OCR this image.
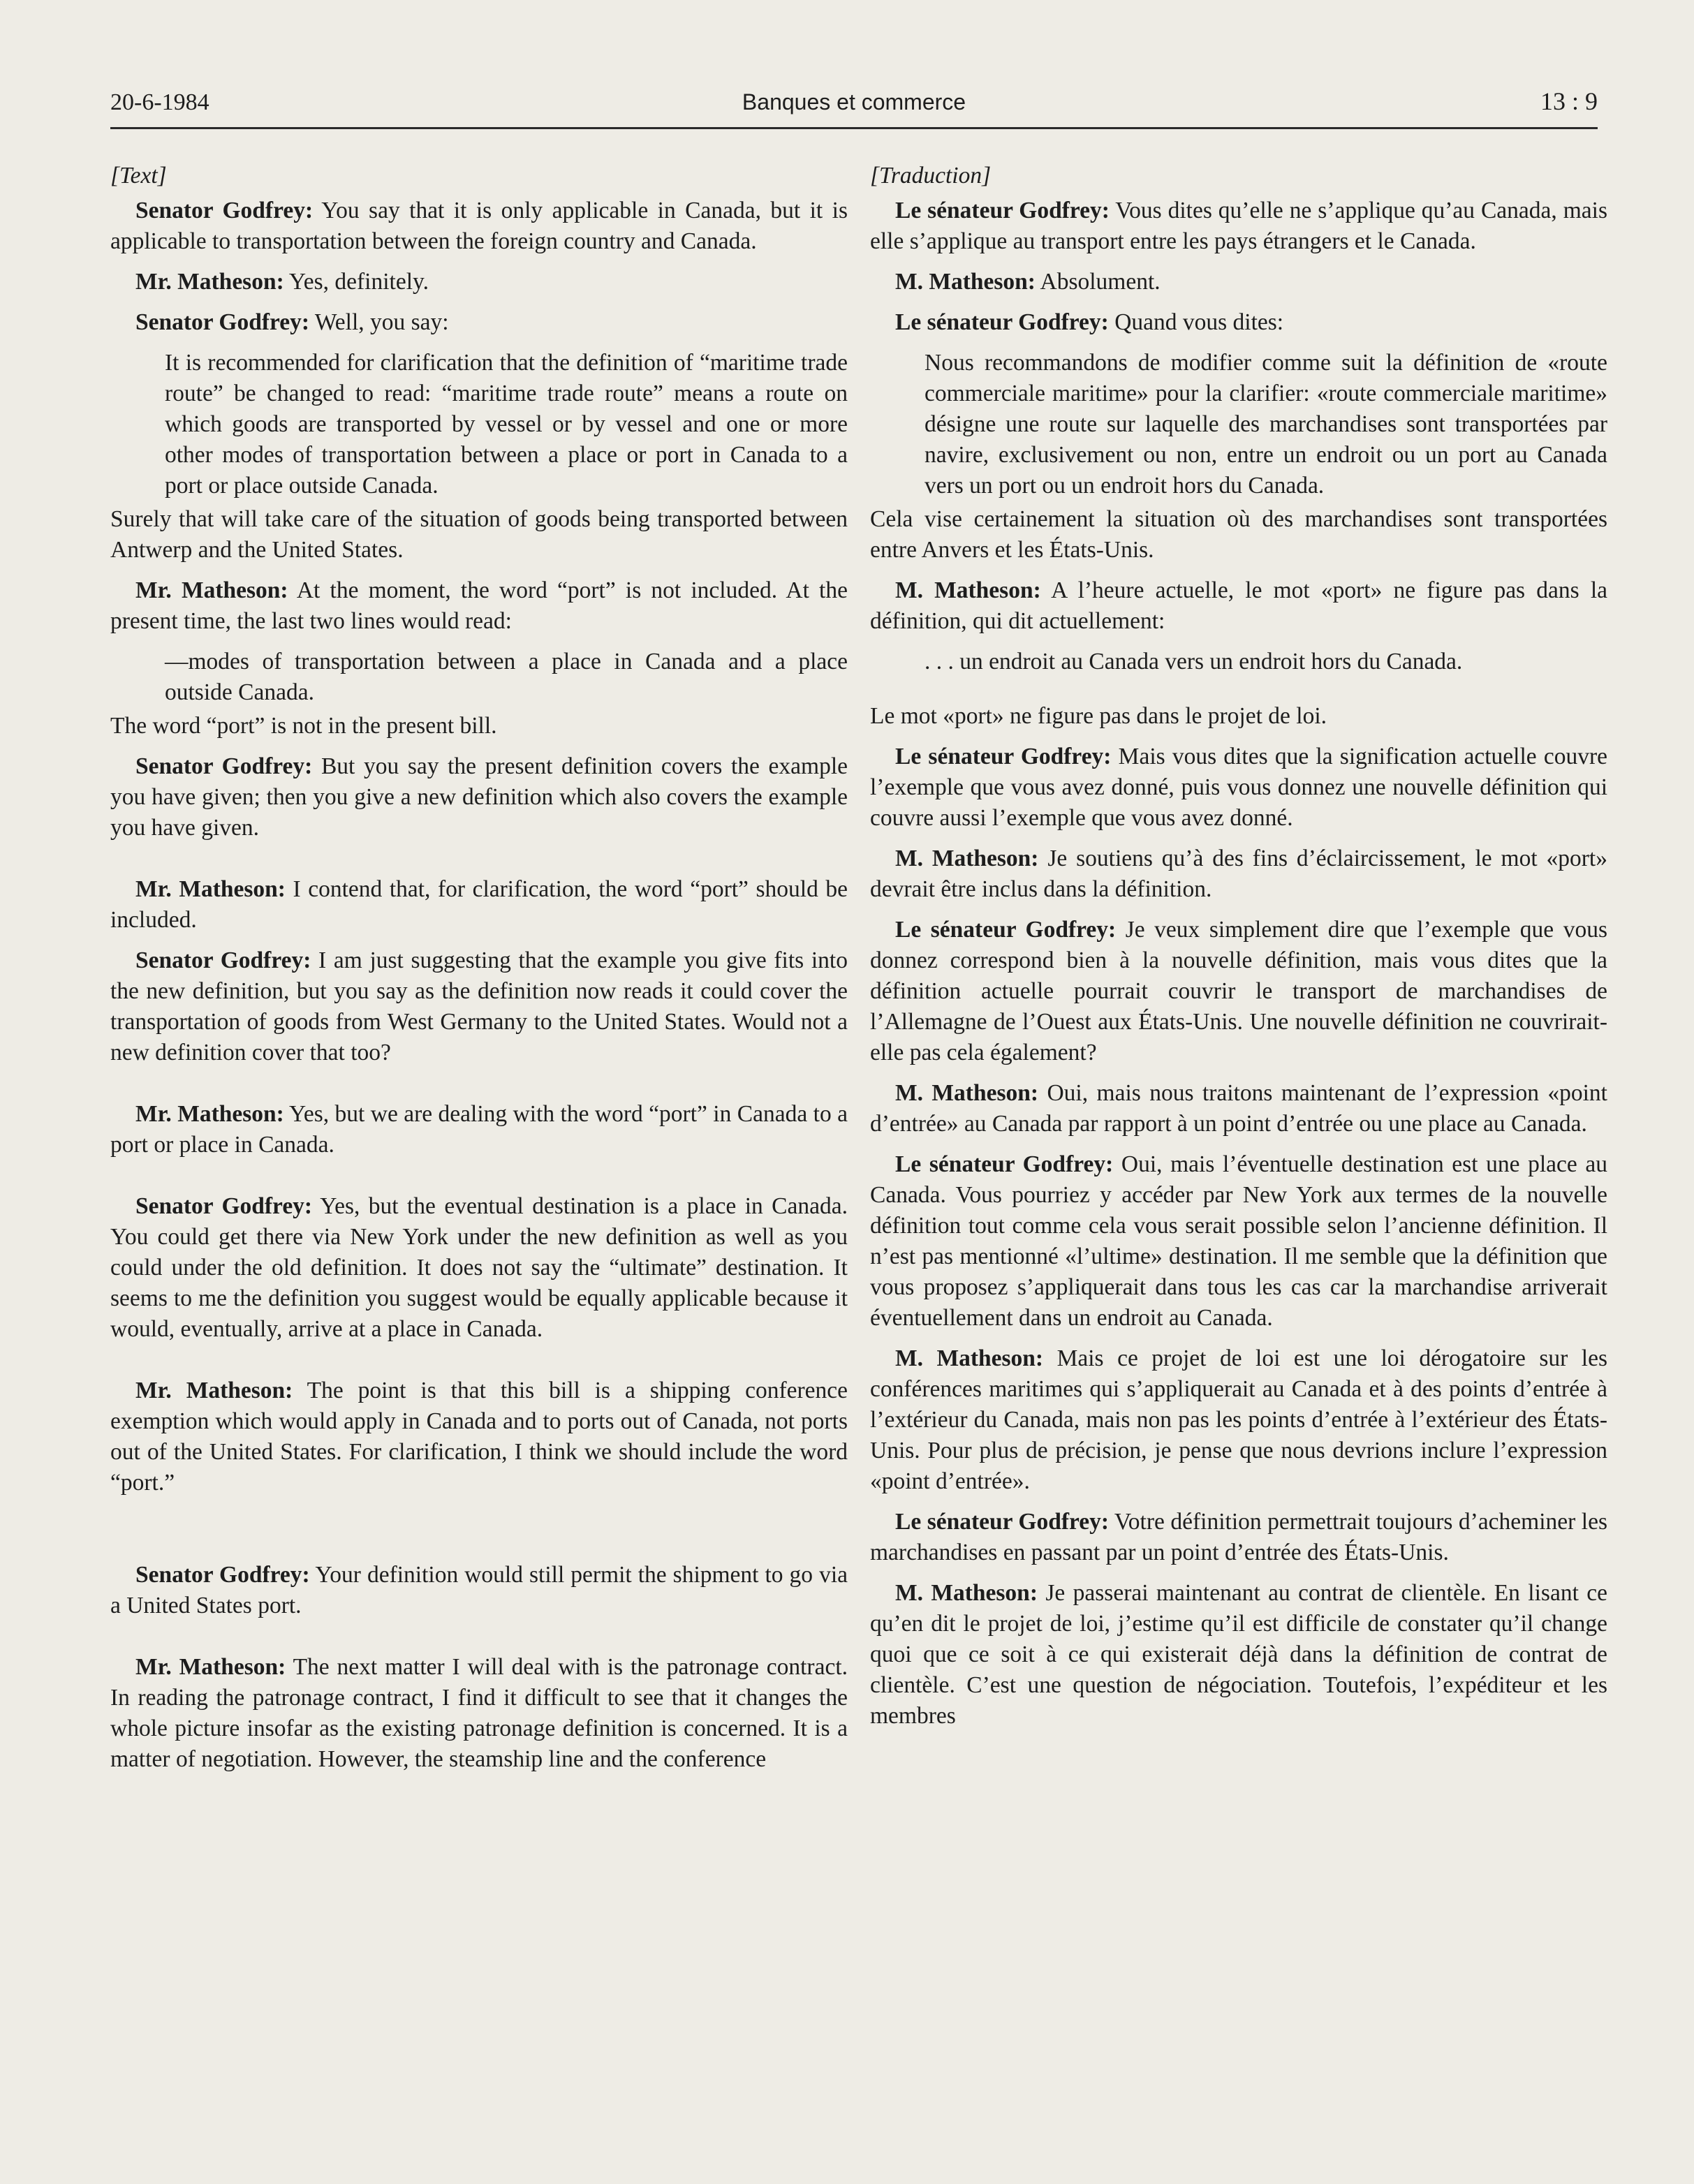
20-6-1984	Banques et commerce	13 : 9

[Text]

Senator Godfrey: You say that it is only applicable in Canada, but it is applicable to transportation between the foreign country and Canada.

Mr. Matheson: Yes, definitely.

Senator Godfrey: Well, you say:

It is recommended for clarification that the definition of “maritime trade route” be changed to read: “maritime trade route” means a route on which goods are transported by vessel or by vessel and one or more other modes of transportation between a place or port in Canada to a port or place outside Canada.

Surely that will take care of the situation of goods being transported between Antwerp and the United States.

Mr. Matheson: At the moment, the word “port” is not included. At the present time, the last two lines would read:

—modes of transportation between a place in Canada and a place outside Canada.

The word “port” is not in the present bill.

Senator Godfrey: But you say the present definition covers the example you have given; then you give a new definition which also covers the example you have given.

Mr. Matheson: I contend that, for clarification, the word “port” should be included.

Senator Godfrey: I am just suggesting that the example you give fits into the new definition, but you say as the definition now reads it could cover the transportation of goods from West Germany to the United States. Would not a new definition cover that too?

Mr. Matheson: Yes, but we are dealing with the word “port” in Canada to a port or place in Canada.

Senator Godfrey: Yes, but the eventual destination is a place in Canada. You could get there via New York under the new definition as well as you could under the old definition. It does not say the “ultimate” destination. It seems to me the definition you suggest would be equally applicable because it would, eventually, arrive at a place in Canada.

Mr. Matheson: The point is that this bill is a shipping conference exemption which would apply in Canada and to ports out of Canada, not ports out of the United States. For clarification, I think we should include the word “port.”

Senator Godfrey: Your definition would still permit the shipment to go via a United States port.

Mr. Matheson: The next matter I will deal with is the patronage contract. In reading the patronage contract, I find it difficult to see that it changes the whole picture insofar as the existing patronage definition is concerned. It is a matter of negotiation. However, the steamship line and the conference

[Traduction]

Le sénateur Godfrey: Vous dites qu’elle ne s’applique qu’au Canada, mais elle s’applique au transport entre les pays étrangers et le Canada.

M. Matheson: Absolument.

Le sénateur Godfrey: Quand vous dites:

Nous recommandons de modifier comme suit la définition de «route commerciale maritime» pour la clarifier: «route commerciale maritime» désigne une route sur laquelle des marchandises sont transportées par navire, exclusivement ou non, entre un endroit ou un port au Canada vers un port ou un endroit hors du Canada.

Cela vise certainement la situation où des marchandises sont transportées entre Anvers et les États-Unis.

M. Matheson: A l’heure actuelle, le mot «port» ne figure pas dans la définition, qui dit actuellement:

. . . un endroit au Canada vers un endroit hors du Canada.

Le mot «port» ne figure pas dans le projet de loi.

Le sénateur Godfrey: Mais vous dites que la signification actuelle couvre l’exemple que vous avez donné, puis vous donnez une nouvelle définition qui couvre aussi l’exemple que vous avez donné.

M. Matheson: Je soutiens qu’à des fins d’éclaircissement, le mot «port» devrait être inclus dans la définition.

Le sénateur Godfrey: Je veux simplement dire que l’exemple que vous donnez correspond bien à la nouvelle définition, mais vous dites que la définition actuelle pourrait couvrir le transport de marchandises de l’Allemagne de l’Ouest aux États-Unis. Une nouvelle définition ne couvrirait-elle pas cela également?

M. Matheson: Oui, mais nous traitons maintenant de l’expression «point d’entrée» au Canada par rapport à un point d’entrée ou une place au Canada.

Le sénateur Godfrey: Oui, mais l’éventuelle destination est une place au Canada. Vous pourriez y accéder par New York aux termes de la nouvelle définition tout comme cela vous serait possible selon l’ancienne définition. Il n’est pas mentionné «l’ultime» destination. Il me semble que la définition que vous proposez s’appliquerait dans tous les cas car la marchandise arriverait éventuellement dans un endroit au Canada.

M. Matheson: Mais ce projet de loi est une loi dérogatoire sur les conférences maritimes qui s’appliquerait au Canada et à des points d’entrée à l’extérieur du Canada, mais non pas les points d’entrée à l’extérieur des États-Unis. Pour plus de précision, je pense que nous devrions inclure l’expression «point d’entrée».

Le sénateur Godfrey: Votre définition permettrait toujours d’acheminer les marchandises en passant par un point d’entrée des États-Unis.

M. Matheson: Je passerai maintenant au contrat de clientèle. En lisant ce qu’en dit le projet de loi, j’estime qu’il est difficile de constater qu’il change quoi que ce soit à ce qui existerait déjà dans la définition de contrat de clientèle. C’est une question de négociation. Toutefois, l’expéditeur et les membres
